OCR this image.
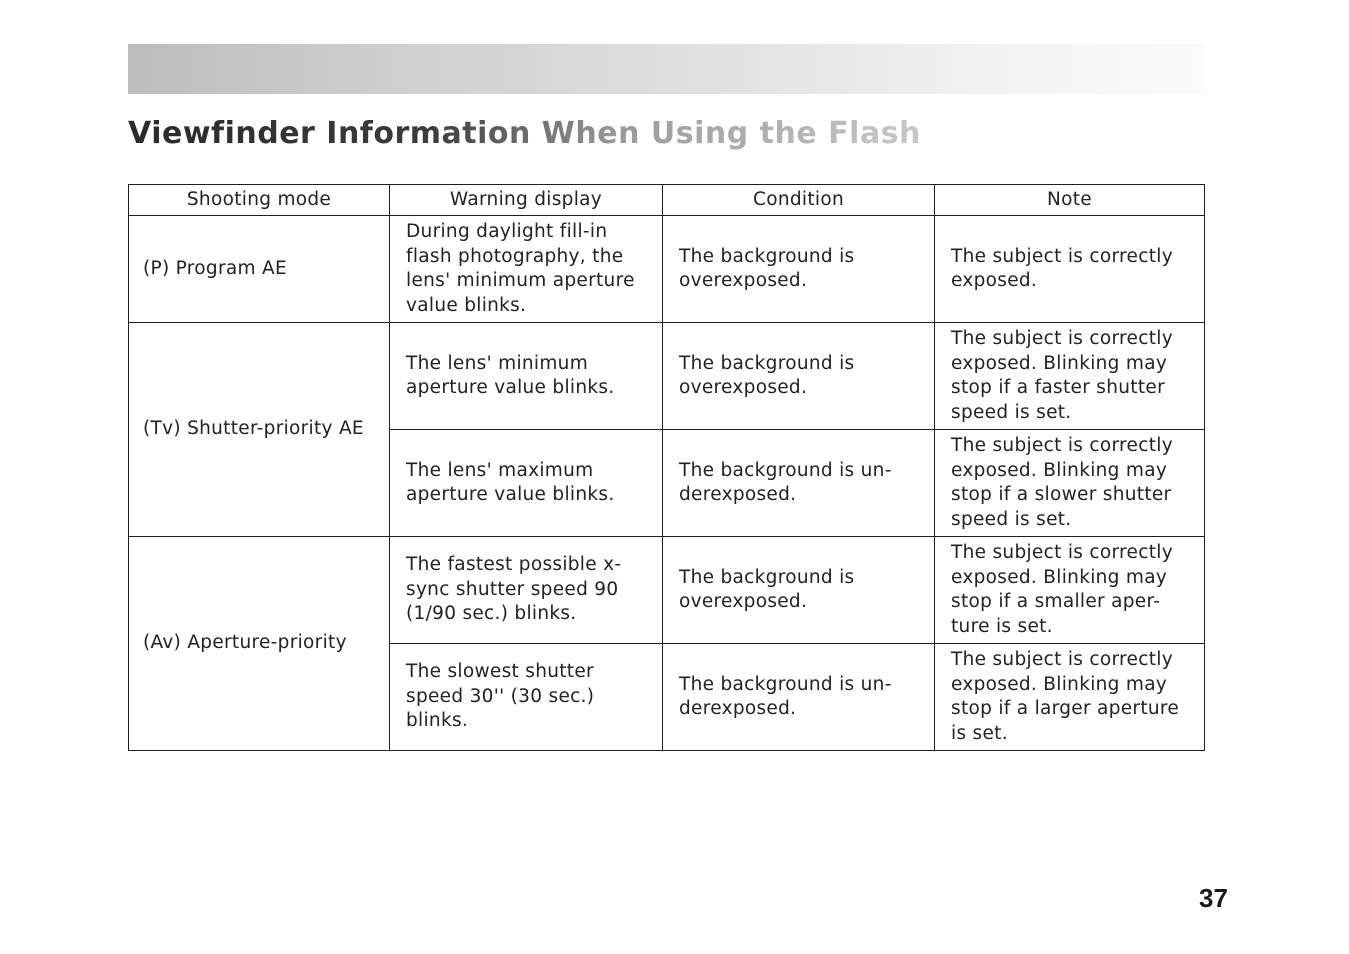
Viewfinder Information When Using the Flash
Shooting mode	Warning display	Condition	Note
(P) Program AE	During daylight fill-in flash photography, the lens' minimum aperture value blinks.	The background is overexposed.	The subject is correctly exposed.
(Tv) Shutter-priority AE	The lens' minimum aperture value blinks.	The background is overexposed.	The subject is correctly exposed. Blinking may stop if a faster shutter speed is set.
	The lens' maximum aperture value blinks.	The background is un-derexposed.	The subject is correctly exposed. Blinking may stop if a slower shutter speed is set.
(Av) Aperture-priority	The fastest possible x-sync shutter speed 90 (1/90 sec.) blinks.	The background is overexposed.	The subject is correctly exposed. Blinking may stop if a smaller aper-ture is set.
	The slowest shutter speed 30'' (30 sec.) blinks.	The background is un-derexposed.	The subject is correctly exposed. Blinking may stop if a larger aperture is set.
37
